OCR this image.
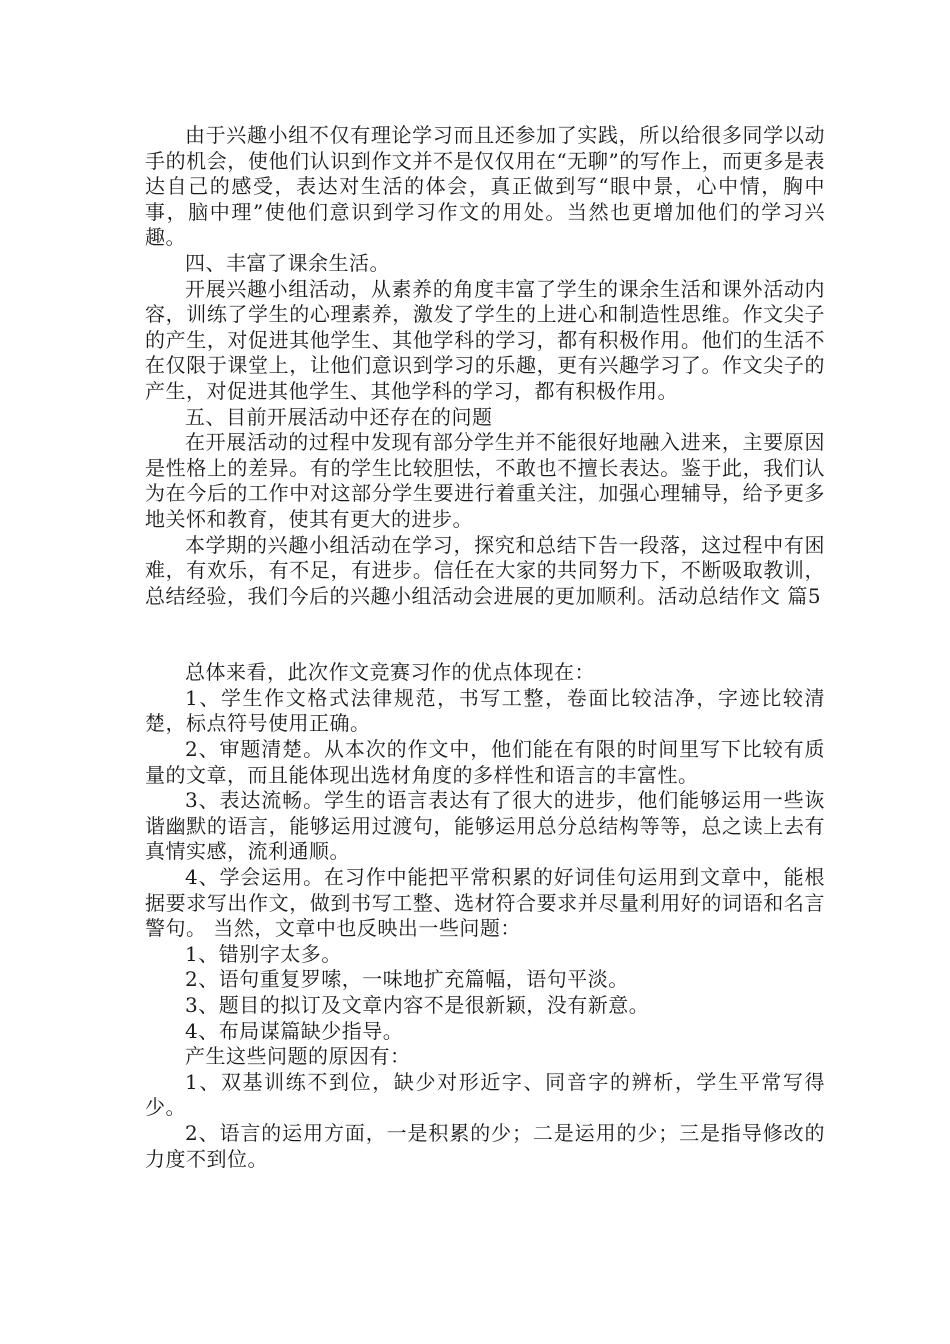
由于兴趣小组不仅有理论学习而且还参加了实践，所以给很多同学以动手的机会，使他们认识到作文并不是仅仅用在“无聊”的写作上，而更多是表达自己的感受，表达对生活的体会，真正做到写“眼中景，心中情，胸中事，脑中理”使他们意识到学习作文的用处。当然也更增加他们的学习兴趣。

四、丰富了课余生活。

开展兴趣小组活动，从素养的角度丰富了学生的课余生活和课外活动内容，训练了学生的心理素养，激发了学生的上进心和制造性思维。作文尖子的产生，对促进其他学生、其他学科的学习，都有积极作用。他们的生活不在仅限于课堂上，让他们意识到学习的乐趣，更有兴趣学习了。作文尖子的产生，对促进其他学生、其他学科的学习，都有积极作用。

五、目前开展活动中还存在的问题

在开展活动的过程中发现有部分学生并不能很好地融入进来，主要原因是性格上的差异。有的学生比较胆怯，不敢也不擅长表达。鉴于此，我们认为在今后的工作中对这部分学生要进行着重关注，加强心理辅导，给予更多地关怀和教育，使其有更大的进步。

本学期的兴趣小组活动在学习，探究和总结下告一段落，这过程中有困难，有欢乐，有不足，有进步。信任在大家的共同努力下，不断吸取教训，总结经验，我们今后的兴趣小组活动会进展的更加顺利。活动总结作文 篇5

总体来看，此次作文竞赛习作的优点体现在：

1、学生作文格式法律规范，书写工整，卷面比较洁净，字迹比较清楚，标点符号使用正确。

2、审题清楚。从本次的作文中，他们能在有限的时间里写下比较有质量的文章，而且能体现出选材角度的多样性和语言的丰富性。

3、表达流畅。学生的语言表达有了很大的进步，他们能够运用一些诙谐幽默的语言，能够运用过渡句，能够运用总分总结构等等，总之读上去有真情实感，流利通顺。

4、学会运用。在习作中能把平常积累的好词佳句运用到文章中，能根据要求写出作文，做到书写工整、选材符合要求并尽量利用好的词语和名言警句。 当然，文章中也反映出一些问题：

1、错别字太多。

2、语句重复罗嗦，一味地扩充篇幅，语句平淡。

3、题目的拟订及文章内容不是很新颖，没有新意。

4、布局谋篇缺少指导。

产生这些问题的原因有：

1、双基训练不到位，缺少对形近字、同音字的辨析，学生平常写得少。

2、语言的运用方面，一是积累的少；二是运用的少；三是指导修改的力度不到位。
